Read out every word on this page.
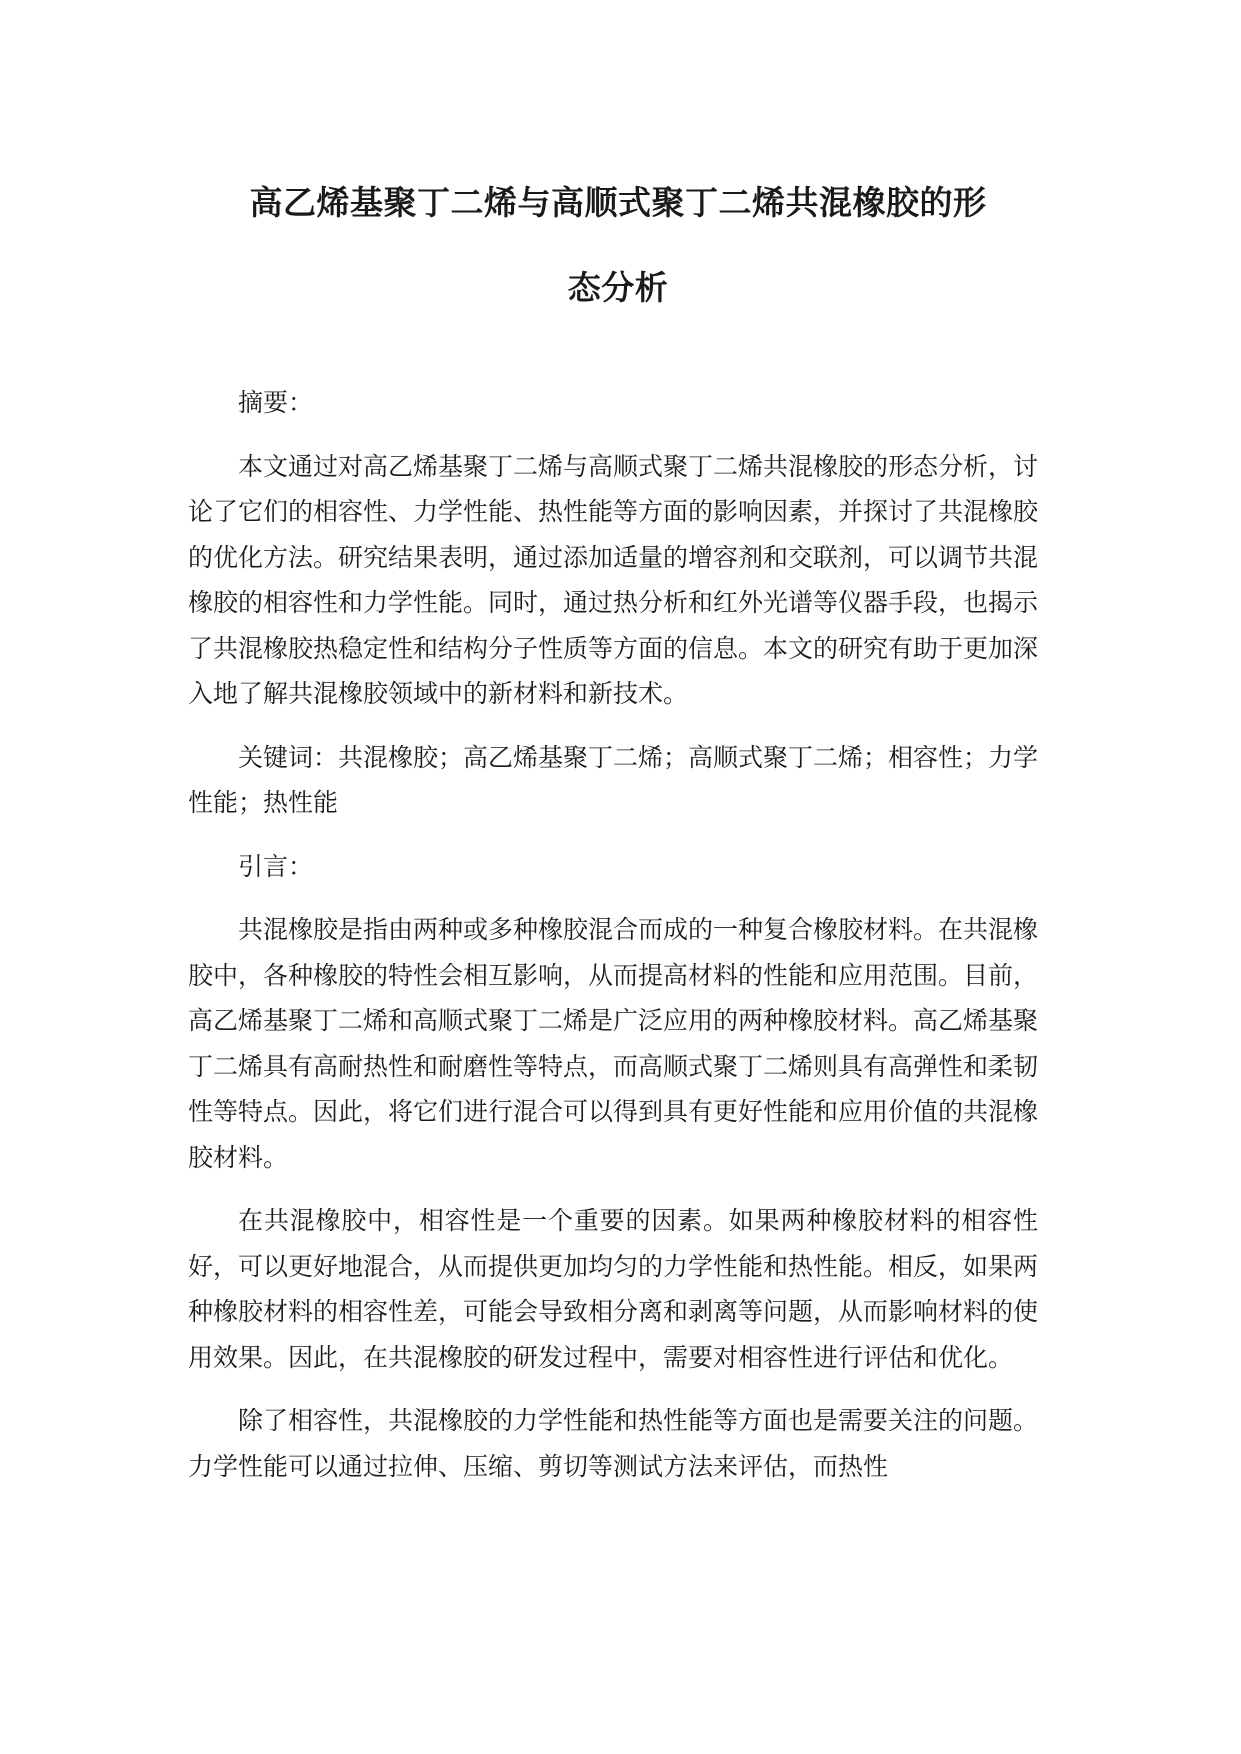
高乙烯基聚丁二烯与高顺式聚丁二烯共混橡胶的形
态分析

摘要：

本文通过对高乙烯基聚丁二烯与高顺式聚丁二烯共混橡胶的形态分析，讨论了它们的相容性、力学性能、热性能等方面的影响因素，并探讨了共混橡胶的优化方法。研究结果表明，通过添加适量的增容剂和交联剂，可以调节共混橡胶的相容性和力学性能。同时，通过热分析和红外光谱等仪器手段，也揭示了共混橡胶热稳定性和结构分子性质等方面的信息。本文的研究有助于更加深入地了解共混橡胶领域中的新材料和新技术。

关键词：共混橡胶；高乙烯基聚丁二烯；高顺式聚丁二烯；相容性；力学性能；热性能

引言：

共混橡胶是指由两种或多种橡胶混合而成的一种复合橡胶材料。在共混橡胶中，各种橡胶的特性会相互影响，从而提高材料的性能和应用范围。目前，高乙烯基聚丁二烯和高顺式聚丁二烯是广泛应用的两种橡胶材料。高乙烯基聚丁二烯具有高耐热性和耐磨性等特点，而高顺式聚丁二烯则具有高弹性和柔韧性等特点。因此，将它们进行混合可以得到具有更好性能和应用价值的共混橡胶材料。

在共混橡胶中，相容性是一个重要的因素。如果两种橡胶材料的相容性好，可以更好地混合，从而提供更加均匀的力学性能和热性能。相反，如果两种橡胶材料的相容性差，可能会导致相分离和剥离等问题，从而影响材料的使用效果。因此，在共混橡胶的研发过程中，需要对相容性进行评估和优化。

除了相容性，共混橡胶的力学性能和热性能等方面也是需要关注的问题。力学性能可以通过拉伸、压缩、剪切等测试方法来评估，而热性
